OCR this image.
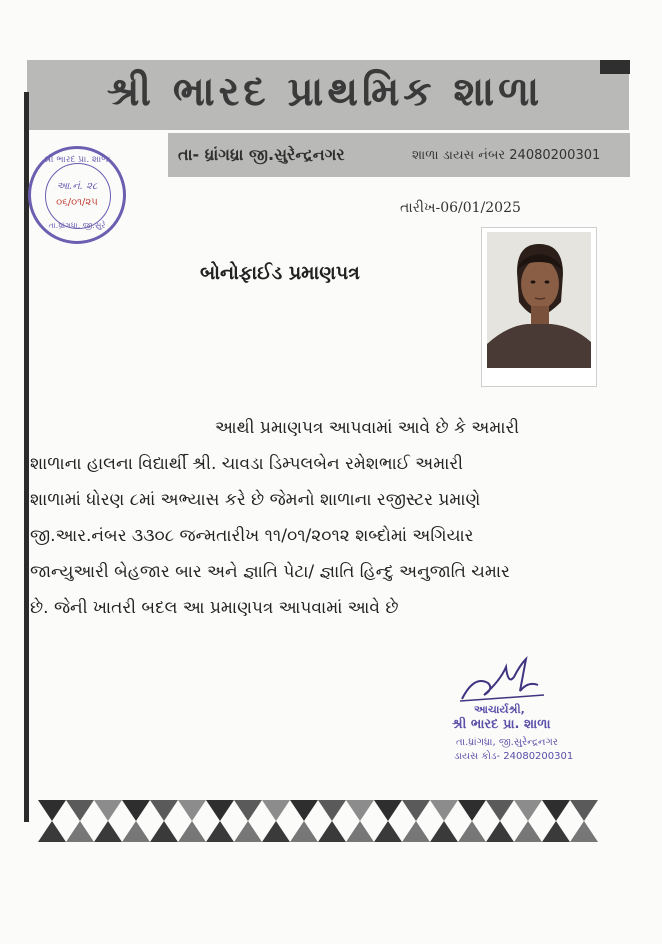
શ્રી ભારદ પ્રાથમિક શાળા
તા- ધ્રાંગધ્રા જી.સુરેન્દ્રનગર	શાળા ડાયસ નંબર 24080200301
શ્રી ભારદ પ્રા. શાળા
આ.નં. ૨૮
૦૬/૦૧/૨૫
તા.ધ્રાંગધ્રા, જી.સુરે
તારીખ-06/01/2025
બોનોફાઈડ પ્રમાણપત્ર
આથી પ્રમાણપત્ર આપવામાં આવે છે કે અમારી
શાળાના હાલના વિદ્યાર્થી શ્રી. ચાવડા ડિમ્પલબેન રમેશભાઈ અમારી
શાળામાં ધોરણ ૮માં અભ્યાસ કરે છે જેમનો શાળાના રજીસ્ટર પ્રમાણે
જી.આર.નંબર ૩૩૦૮ જન્મતારીખ ૧૧/૦૧/૨૦૧૨ શબ્દોમાં અગિયાર
જાન્યુઆરી બેહજાર બાર અને જ્ઞાતિ પેટા/ જ્ઞાતિ હિન્દુ અનુજાતિ ચમાર
છે. જેની ખાતરી બદલ આ પ્રમાણપત્ર આપવામાં આવે છે
આચાર્યશ્રી,
શ્રી ભારદ પ્રા. શાળા
તા.ધ્રાંગધ્રા, જી.સુરેન્દ્રનગર
ડાયસ કોડ- 24080200301
